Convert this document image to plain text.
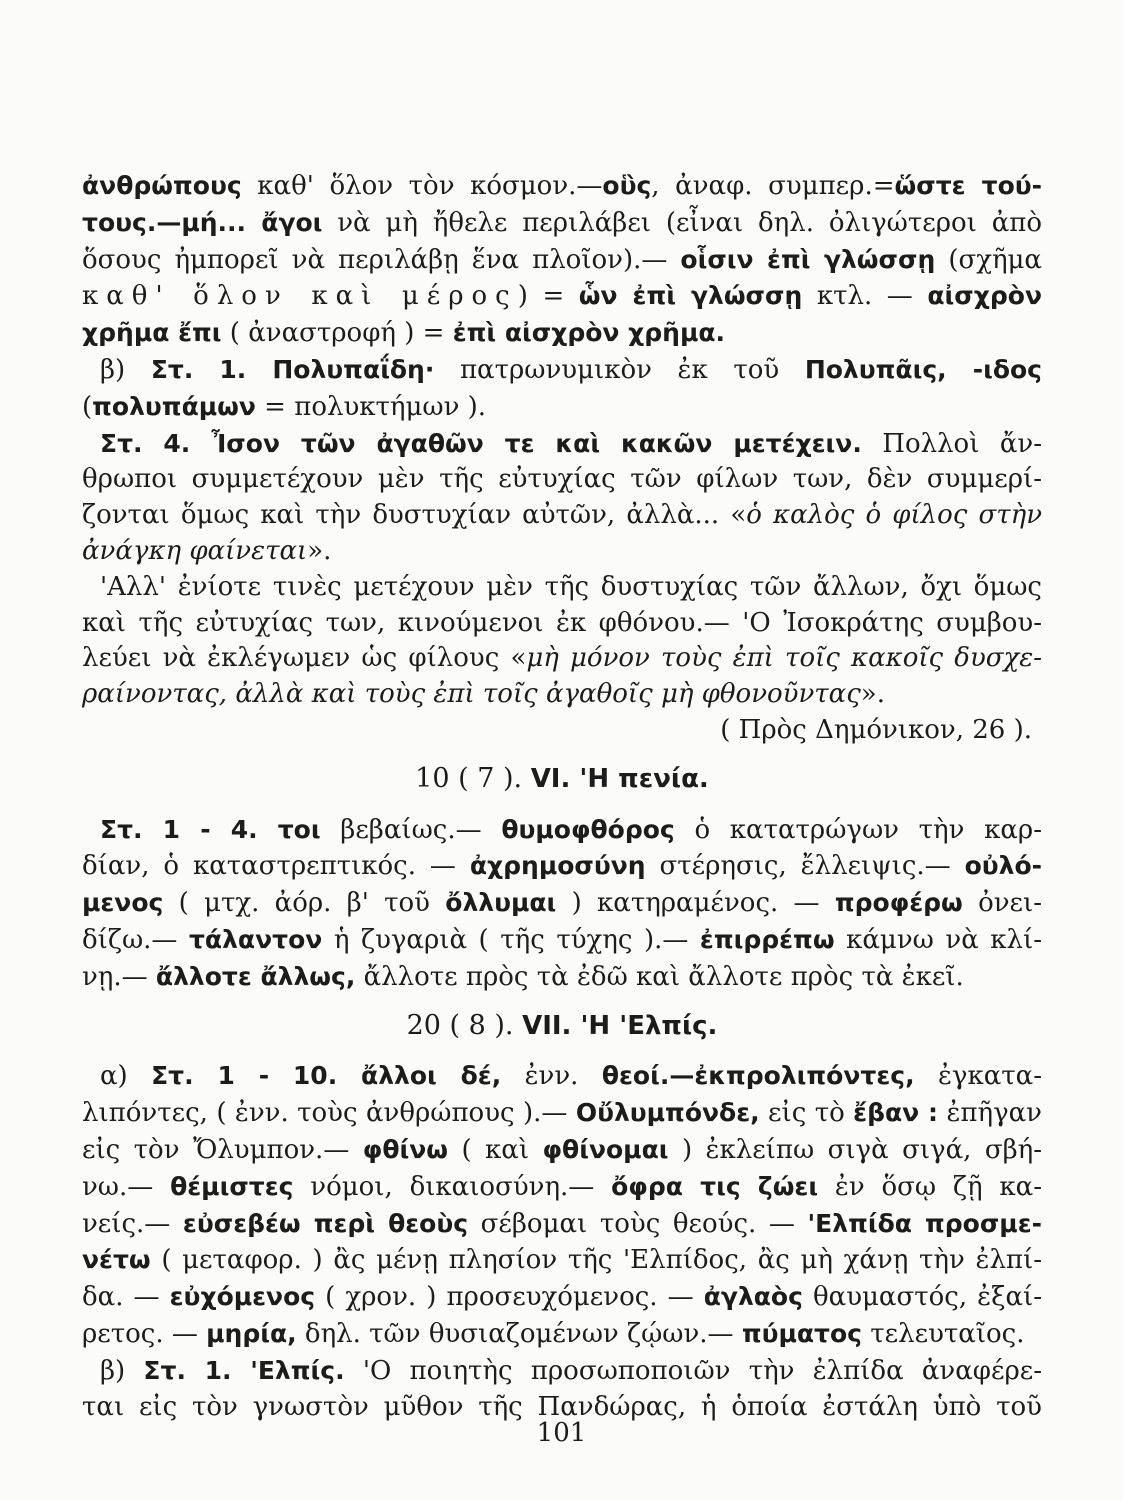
ἀνθρώπους καθ' ὅλον τὸν κόσμον.—οὓς, ἀναφ. συμπερ.=ὥστε τού-
τους.—μή... ἄγοι νὰ μὴ ἤθελε περιλάβει (εἶναι δηλ. ὀλιγώτεροι ἀπὸ
ὅσους ἠμπορεῖ νὰ περιλάβῃ ἕνα πλοῖον).— οἷσιν ἐπὶ γλώσσῃ (σχῆμα
καθ' ὅλον καὶ μέρος) = ὧν ἐπὶ γλώσσῃ κτλ. — αἰσχρὸν
χρῆμα ἔπι ( ἀναστροφή ) = ἐπὶ αἰσχρὸν χρῆμα.
β) Στ. 1. Πολυπαΐδη· πατρωνυμικὸν ἐκ τοῦ Πολυπᾶις, -ιδος
(πολυπάμων = πολυκτήμων ).
Στ. 4. Ἶσον τῶν ἀγαθῶν τε καὶ κακῶν μετέχειν. Πολλοὶ ἄν-
θρωποι συμμετέχουν μὲν τῆς εὐτυχίας τῶν φίλων των, δὲν συμμερί-
ζονται ὅμως καὶ τὴν δυστυχίαν αὐτῶν, ἀλλὰ... «ὁ καλὸς ὁ φίλος στὴν
ἀνάγκη φαίνεται».
'Αλλ' ἐνίοτε τινὲς μετέχουν μὲν τῆς δυστυχίας τῶν ἄλλων, ὄχι ὅμως
καὶ τῆς εὐτυχίας των, κινούμενοι ἐκ φθόνου.— 'Ο Ἰσοκράτης συμβου-
λεύει νὰ ἐκλέγωμεν ὡς φίλους «μὴ μόνον τοὺς ἐπὶ τοῖς κακοῖς δυσχε-
ραίνοντας, ἀλλὰ καὶ τοὺς ἐπὶ τοῖς ἀγαθοῖς μὴ φθονοῦντας».
( Πρὸς Δημόνικον, 26 ).
10 ( 7 ). VI. 'Η πενία.
Στ. 1 - 4. τοι βεβαίως.— θυμοφθόρος ὁ κατατρώγων τὴν καρ-
δίαν, ὁ καταστρεπτικός. — ἀχρημοσύνη στέρησις, ἔλλειψις.— οὐλό-
μενος ( μτχ. ἀόρ. β' τοῦ ὄλλυμαι ) κατηραμένος. — προφέρω ὀνει-
δίζω.— τάλαντον ἡ ζυγαριὰ ( τῆς τύχης ).— ἐπιρρέπω κάμνω νὰ κλί-
νῃ.— ἄλλοτε ἄλλως, ἄλλοτε πρὸς τὰ ἐδῶ καὶ ἄλλοτε πρὸς τὰ ἐκεῖ.
20 ( 8 ). VII. 'Η 'Ελπίς.
α) Στ. 1 - 10. ἄλλοι δέ, ἐνν. θεοί.—ἐκπρολιπόντες, ἐγκατα-
λιπόντες, ( ἐνν. τοὺς ἀνθρώπους ).— Οὔλυμπόνδε, εἰς τὸ ἔβαν : ἐπῆγαν
εἰς τὸν Ὄλυμπον.— φθίνω ( καὶ φθίνομαι ) ἐκλείπω σιγὰ σιγά, σβή-
νω.— θέμιστες νόμοι, δικαιοσύνη.— ὄφρα τις ζώει ἐν ὅσῳ ζῇ κα-
νείς.— εὐσεβέω περὶ θεοὺς σέβομαι τοὺς θεούς. — 'Ελπίδα προσμε-
νέτω ( μεταφορ. ) ἂς μένῃ πλησίον τῆς 'Ελπίδος, ἂς μὴ χάνῃ τὴν ἐλπί-
δα. — εὐχόμενος ( χρον. ) προσευχόμενος. — ἀγλαὸς θαυμαστός, ἐξαί-
ρετος. — μηρία, δηλ. τῶν θυσιαζομένων ζῴων.— πύματος τελευταῖος.
β) Στ. 1. 'Ελπίς. 'Ο ποιητὴς προσωποποιῶν τὴν ἐλπίδα ἀναφέρε-
ται εἰς τὸν γνωστὸν μῦθον τῆς Πανδώρας, ἡ ὁποία ἐστάλη ὑπὸ τοῦ
101
